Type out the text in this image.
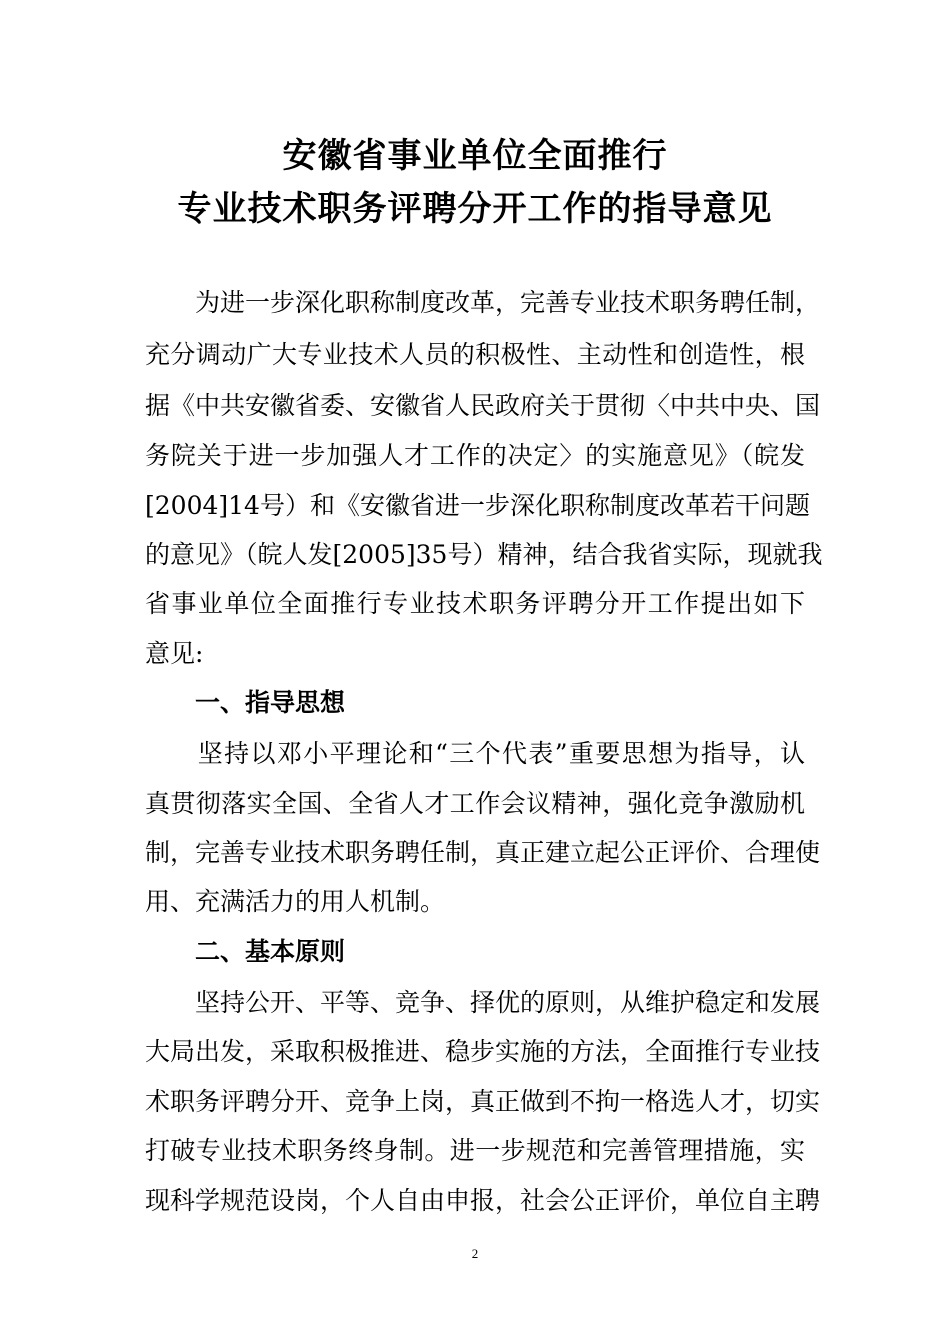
安徽省事业单位全面推行
专业技术职务评聘分开工作的指导意见
　　为进一步深化职称制度改革，完善专业技术职务聘任制，
充分调动广大专业技术人员的积极性、主动性和创造性，根
据《中共安徽省委、安徽省人民政府关于贯彻〈中共中央、国
务院关于进一步加强人才工作的决定〉的实施意见》（皖发
[2004]14号）和《安徽省进一步深化职称制度改革若干问题
的意见》（皖人发[2005]35号）精神，结合我省实际，现就我
省事业单位全面推行专业技术职务评聘分开工作提出如下
意见:
一、指导思想
　　坚持以邓小平理论和“三个代表”重要思想为指导，认
真贯彻落实全国、全省人才工作会议精神，强化竞争激励机
制，完善专业技术职务聘任制，真正建立起公正评价、合理使
用、充满活力的用人机制。
二、基本原则
　　坚持公开、平等、竞争、择优的原则，从维护稳定和发展
大局出发，采取积极推进、稳步实施的方法，全面推行专业技
术职务评聘分开、竞争上岗，真正做到不拘一格选人才，切实
打破专业技术职务终身制。进一步规范和完善管理措施，实
现科学规范设岗，个人自由申报，社会公正评价，单位自主聘
2
